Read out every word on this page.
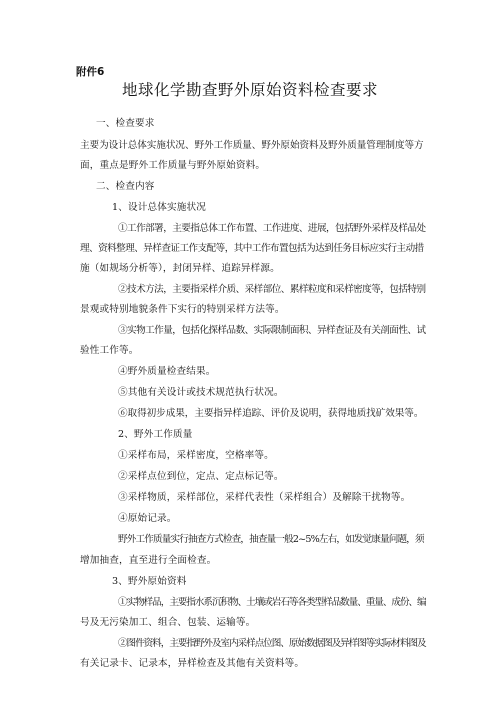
附件6
地球化学勘查野外原始资料检查要求
一、检查要求
主要为设计总体实施状况、野外工作质量、野外原始资料及野外质量管理制度等方
面，重点是野外工作质量与野外原始资料。
二、检查内容
1、设计总体实施状况
①工作部署，主要指总体工作布置、工作进度、进展，包括野外采样及样品处
理、资料整理、异样查证工作支配等，其中工作布置包括为达到任务目标应实行主动措
施（如规场分析等），封闭异样、追踪异样源。
②技术方法，主要指采样介质、采样部位、累样粒度和采样密度等，包括特别
景观或特别地貌条件下实行的特别采样方法等。
③实物工作量，包括化探样品数、实际限制面积、异样查证及有关剖面性、试
验性工作等。
④野外质量检查结果。
⑤其他有关设计或技术规范执行状况。
⑥取得初步成果，主要指异样追踪、评价及说明，获得地质找矿效果等。
2、野外工作质量
①采样布局，采样密度，空格率等。
②采样点位到位，定点、定点标记等。
③采样物质，采样部位，采样代表性（采样组合）及解除干扰物等。
④原始记录。
野外工作质量实行抽查方式检查，抽查量一般2~5%左右，如发觉康量问题，须
增加抽查，直至进行全面检查。
3、野外原始资料
①实物样品，主要指水系沉积物、土壤或岩石等各类型样品数量、重量、成份、编
号及无污染加工、组合、包装、运输等。
②图件资料，主要指野外及室内采样点位图、原始数据图及异样图等实际材料图及
有关记录卡、记录本，异样检查及其他有关资料等。
